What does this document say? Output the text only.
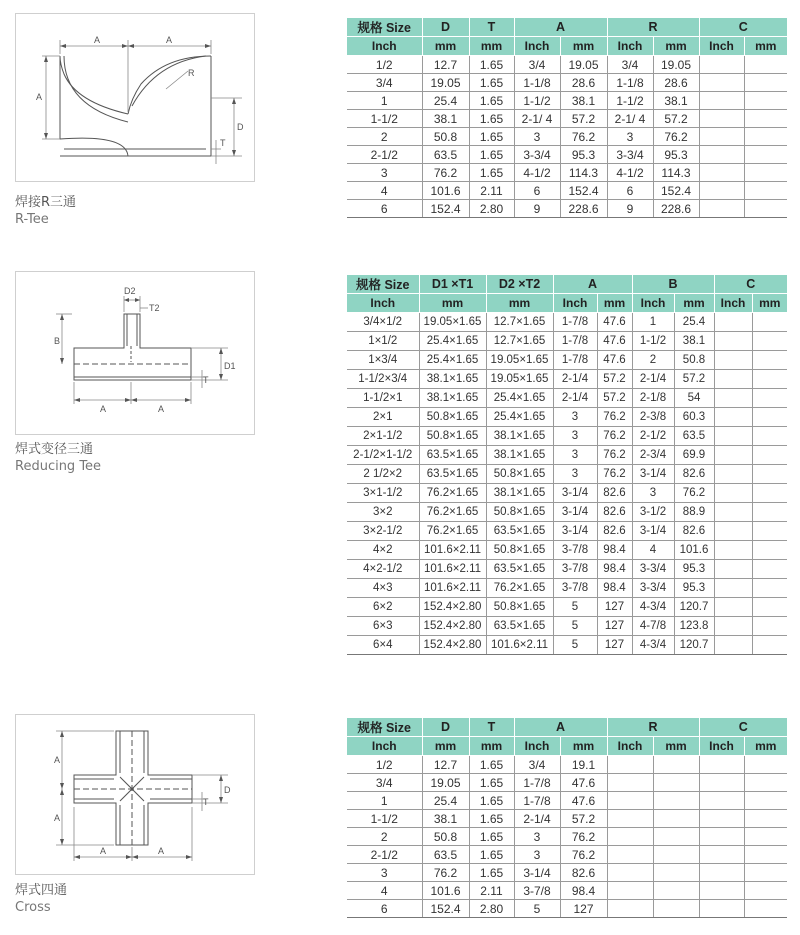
A	A
A
R
D
T
焊接R三通
R-Tee
规格 Size	D	T	A		R		C	
Inch	mm	mm	Inch	mm	Inch	mm	Inch	mm
1/2	12.7	1.65	3/4	19.05	3/4	19.05		
3/4	19.05	1.65	1-1/8	28.6	1-1/8	28.6		
1	25.4	1.65	1-1/2	38.1	1-1/2	38.1		
1-1/2	38.1	1.65	2-1/ 4	57.2	2-1/ 4	57.2		
2	50.8	1.65	3	76.2	3	76.2		
2-1/2	63.5	1.65	3-3/4	95.3	3-3/4	95.3		
3	76.2	1.65	4-1/2	114.3	4-1/2	114.3		
4	101.6	2.11	6	152.4	6	152.4		
6	152.4	2.80	9	228.6	9	228.6		
D2
T2
B
D1
T
A	A
焊式变径三通
Reducing Tee
规格 Size	D1 ×T1	D2 ×T2	A		B		C	
Inch	mm	mm	Inch	mm	Inch	mm	Inch	mm
3/4×1/2	19.05×1.65	12.7×1.65	1-7/8	47.6	1	25.4		
1×1/2	25.4×1.65	12.7×1.65	1-7/8	47.6	1-1/2	38.1		
1×3/4	25.4×1.65	19.05×1.65	1-7/8	47.6	2	50.8		
1-1/2×3/4	38.1×1.65	19.05×1.65	2-1/4	57.2	2-1/4	57.2		
1-1/2×1	38.1×1.65	25.4×1.65	2-1/4	57.2	2-1/8	54		
2×1	50.8×1.65	25.4×1.65	3	76.2	2-3/8	60.3		
2×1-1/2	50.8×1.65	38.1×1.65	3	76.2	2-1/2	63.5		
2-1/2×1-1/2	63.5×1.65	38.1×1.65	3	76.2	2-3/4	69.9		
2 1/2×2	63.5×1.65	50.8×1.65	3	76.2	3-1/4	82.6		
3×1-1/2	76.2×1.65	38.1×1.65	3-1/4	82.6	3	76.2		
3×2	76.2×1.65	50.8×1.65	3-1/4	82.6	3-1/2	88.9		
3×2-1/2	76.2×1.65	63.5×1.65	3-1/4	82.6	3-1/4	82.6		
4×2	101.6×2.11	50.8×1.65	3-7/8	98.4	4	101.6		
4×2-1/2	101.6×2.11	63.5×1.65	3-7/8	98.4	3-3/4	95.3		
4×3	101.6×2.11	76.2×1.65	3-7/8	98.4	3-3/4	95.3		
6×2	152.4×2.80	50.8×1.65	5	127	4-3/4	120.7		
6×3	152.4×2.80	63.5×1.65	5	127	4-7/8	123.8		
6×4	152.4×2.80	101.6×2.11	5	127	4-3/4	120.7		
A
A
A	A
D
T
焊式四通
Cross
规格 Size	D	T	A		R		C	
Inch	mm	mm	Inch	mm	Inch	mm	Inch	mm
1/2	12.7	1.65	3/4	19.1				
3/4	19.05	1.65	1-7/8	47.6				
1	25.4	1.65	1-7/8	47.6				
1-1/2	38.1	1.65	2-1/4	57.2				
2	50.8	1.65	3	76.2				
2-1/2	63.5	1.65	3	76.2				
3	76.2	1.65	3-1/4	82.6				
4	101.6	2.11	3-7/8	98.4				
6	152.4	2.80	5	127				
